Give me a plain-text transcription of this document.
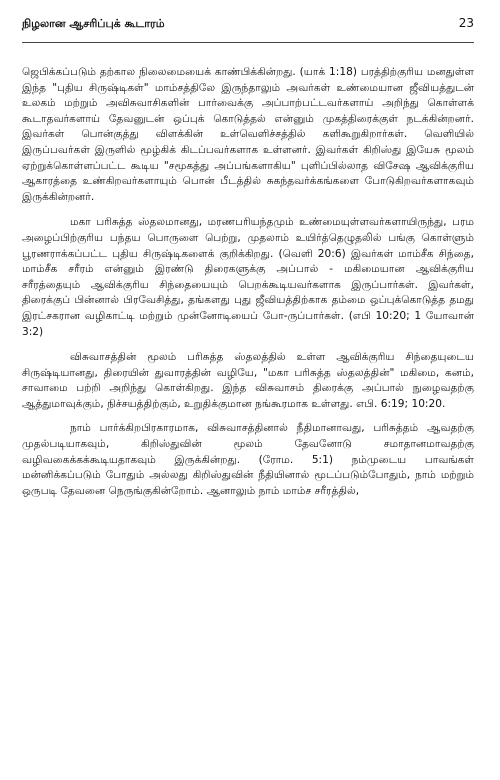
நிழலான ஆசரிப்புக் கூடாரம்	23

ஜெபிக்கப்படும் தற்கால நிலைமையைக் காண்பிக்கின்றது. (யாக் 1:18) பரத்திற்குரிய மனதுள்ள இந்த "புதிய சிருஷ்டிகள்" மாம்சத்திலே இருந்தாலும் அவர்கள் உண்மையான ஜீவியத்துடன் உலகம் மற்றும் அவிசுவாசிகளின் பார்வைக்கு அப்பாற்பட்டவர்களாய் அறிந்து கொள்ளக் கூடாதவர்களாய் தேவனுடன் ஒப்புக் கொடுத்தல் என்னும் முகத்திரைக்குள் நடக்கின்றனர். இவர்கள் பொன்குத்து விளக்கின் உள்வெளிச்சத்தில் களிகூறுகிறார்கள். வெளியில் இருப்பவர்கள் இருளில் மூழ்கிக் கிடப்பவர்களாக உள்ளனர். இவர்கள் கிறிஸ்து இயேசு மூலம் ஏற்றுக்கொள்ளப்பட்ட கூடிய "சமூகத்து அப்பங்களாகிய" புளிப்பில்லாத விசேஷ ஆவிக்குரிய ஆகாரத்தை உண்கிறவர்களாயும் பொன் பீடத்தில் சுகந்தவர்க்கங்களை போடுகிறவர்களாகவும் இருக்கின்றனர்.

மகா பரிசுத்த ஸ்தலமானது, மரணபரியந்தமும் உண்மையுள்ளவர்களாயிருந்து, பரம அழைப்பிற்குரிய பந்தய பொருளை பெற்று, முதலாம் உயிர்த்தெழுதலில் பங்கு கொள்ளும் பூரணராக்கப்பட்ட புதிய சிருஷ்டிகளைக் குறிக்கிறது. (வெளி 20:6) இவர்கள் மாம்சீக சிந்தை, மாம்சீக சரீரம் என்னும் இரண்டு திரைகளுக்கு அப்பால் - மகிமையான ஆவிக்குரிய சரீரத்தையும் ஆவிக்குரிய சிந்தையையும் பெறக்கூடியவர்களாக இருப்பார்கள். இவர்கள், திரைக்குப் பின்னால் பிரவேசித்து, தங்களது புது ஜீவியத்திற்காக தம்மை ஒப்புக்கொடுத்த தமது இரட்சகரான வழிகாட்டி மற்றும் முன்னோடியைப் போ-ருப்பார்கள். (எபி 10:20; 1 யோவான் 3:2)

விசுவாசத்தின் மூலம் பரிசுத்த ஸ்தலத்தில் உள்ள ஆவிக்குரிய சிந்தையுடைய சிருஷ்டியானது, திரையின் துவாரத்தின் வழியே, "மகா பரிசுத்த ஸ்தலத்தின்" மகிமை, கனம், சாவாமை பற்றி அறிந்து கொள்கிறது. இந்த விசுவாசம் திரைக்கு அப்பால் நுழைவதற்கு ஆத்துமாவுக்கும், நிச்சயத்திற்கும், உறுதிக்குமான நங்கூரமாக உள்ளது. எபி. 6:19; 10:20.

நாம் பார்க்கிறபிரகாரமாக, விசுவாசத்தினால் நீதிமானாவது, பரிசுத்தம் ஆவதற்கு முதல்படியாகவும், கிறிஸ்துவின் மூலம் தேவனோடு சமாதானமாவதற்கு வழிவகைக்கக்கூடியதாகவும் இருக்கின்றது. (ரோம. 5:1) நம்முடைய பாவங்கள் மன்னிக்கப்படும் போதும் அல்லது கிறிஸ்துவின் நீதியினால் மூடப்படும்போதும், நாம் மற்றும் ஒருபடி தேவனை நெருங்குகின்றோம். ஆனாலும் நாம் மாம்ச சரீரத்தில்,
